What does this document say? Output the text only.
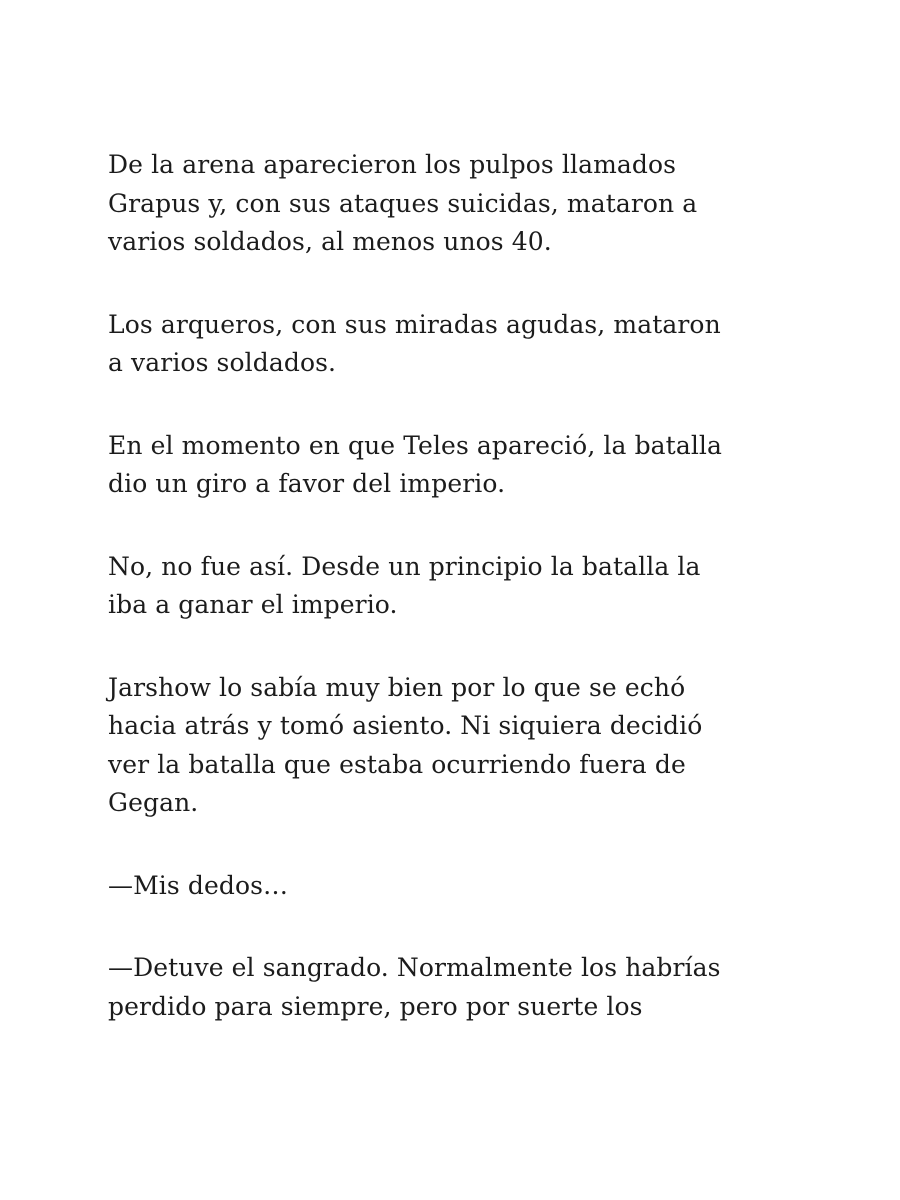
De la arena aparecieron los pulpos llamados
Grapus y, con sus ataques suicidas, mataron a
varios soldados, al menos unos 40.

Los arqueros, con sus miradas agudas, mataron
a varios soldados.

En el momento en que Teles apareció, la batalla
dio un giro a favor del imperio.

No, no fue así. Desde un principio la batalla la
iba a ganar el imperio.

Jarshow lo sabía muy bien por lo que se echó
hacia atrás y tomó asiento. Ni siquiera decidió
ver la batalla que estaba ocurriendo fuera de
Gegan.

—Mis dedos…

—Detuve el sangrado. Normalmente los habrías
perdido para siempre, pero por suerte los
